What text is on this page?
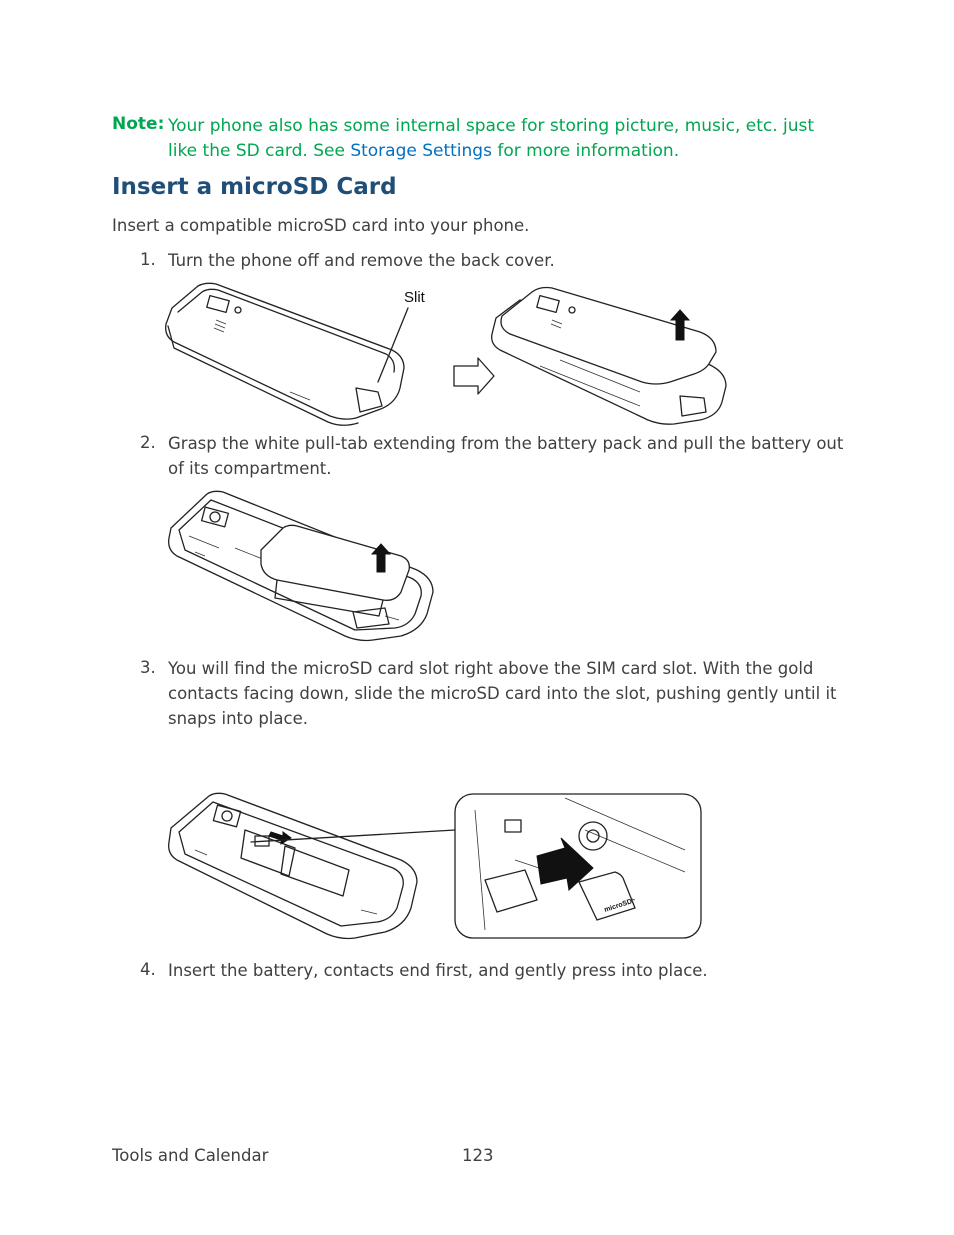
Note: Your phone also has some internal space for storing picture, music, etc. just like the SD card. See Storage Settings for more information.
Insert a microSD Card
Insert a compatible microSD card into your phone.
1. Turn the phone off and remove the back cover.
Slit
2. Grasp the white pull-tab extending from the battery pack and pull the battery out of its compartment.
3. You will find the microSD card slot right above the SIM card slot. With the gold contacts facing down, slide the microSD card into the slot, pushing gently until it snaps into place.
microSD
4. Insert the battery, contacts end first, and gently press into place.
Tools and Calendar	123
